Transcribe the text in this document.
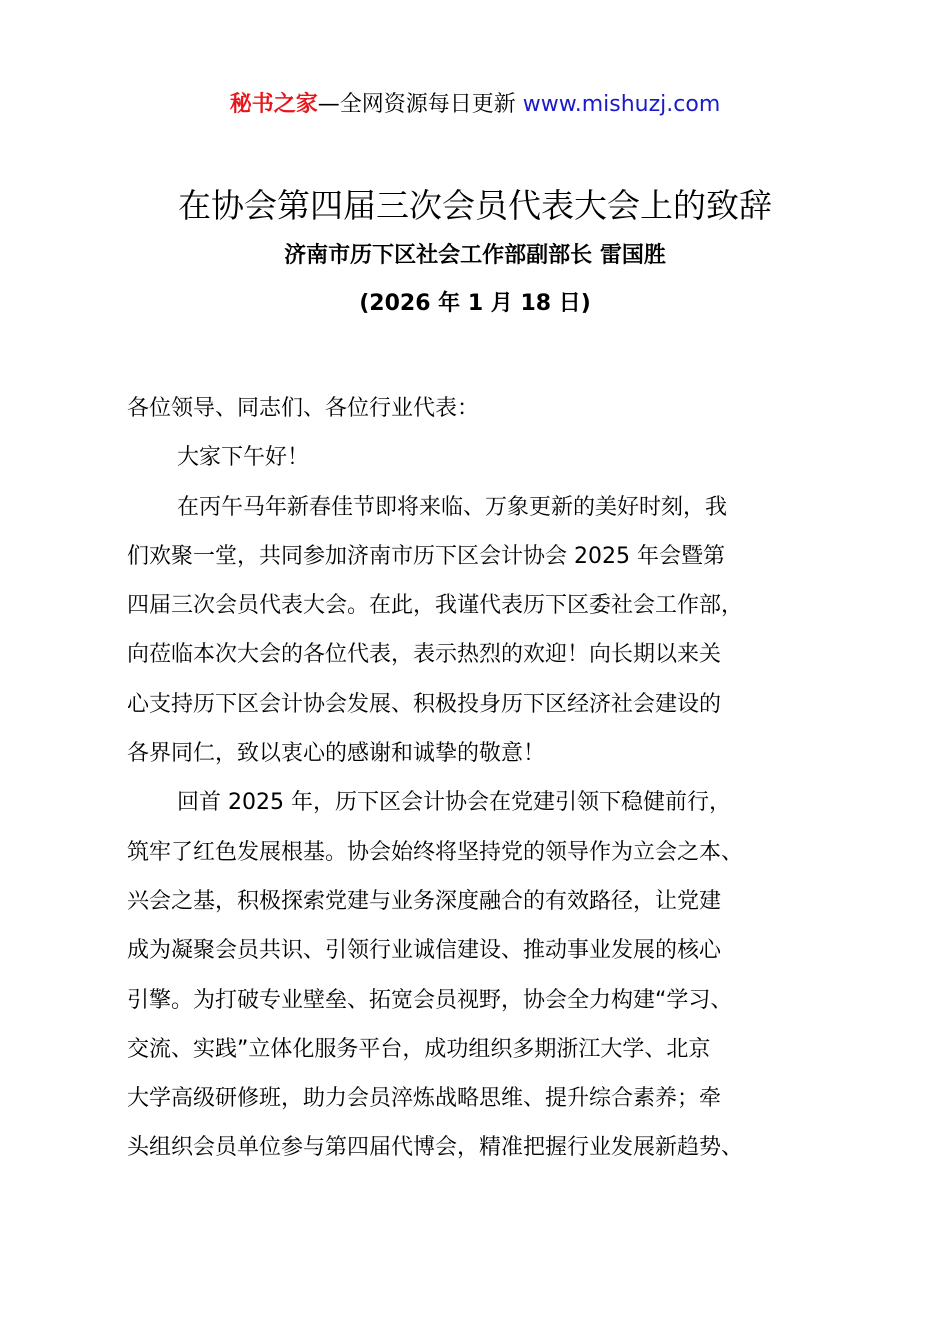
秘书之家—全网资源每日更新 www.mishuzj.com
在协会第四届三次会员代表大会上的致辞
济南市历下区社会工作部副部长 雷国胜
(2026 年 1 月 18 日)
各位领导、同志们、各位行业代表：
大家下午好！
在丙午马年新春佳节即将来临、万象更新的美好时刻，我
们欢聚一堂，共同参加济南市历下区会计协会 2025 年会暨第
四届三次会员代表大会。在此，我谨代表历下区委社会工作部，
向莅临本次大会的各位代表，表示热烈的欢迎！向长期以来关
心支持历下区会计协会发展、积极投身历下区经济社会建设的
各界同仁，致以衷心的感谢和诚挚的敬意！
回首 2025 年，历下区会计协会在党建引领下稳健前行，
筑牢了红色发展根基。协会始终将坚持党的领导作为立会之本、
兴会之基，积极探索党建与业务深度融合的有效路径，让党建
成为凝聚会员共识、引领行业诚信建设、推动事业发展的核心
引擎。为打破专业壁垒、拓宽会员视野，协会全力构建“学习、
交流、实践”立体化服务平台，成功组织多期浙江大学、北京
大学高级研修班，助力会员淬炼战略思维、提升综合素养；牵
头组织会员单位参与第四届代博会，精准把握行业发展新趋势、
